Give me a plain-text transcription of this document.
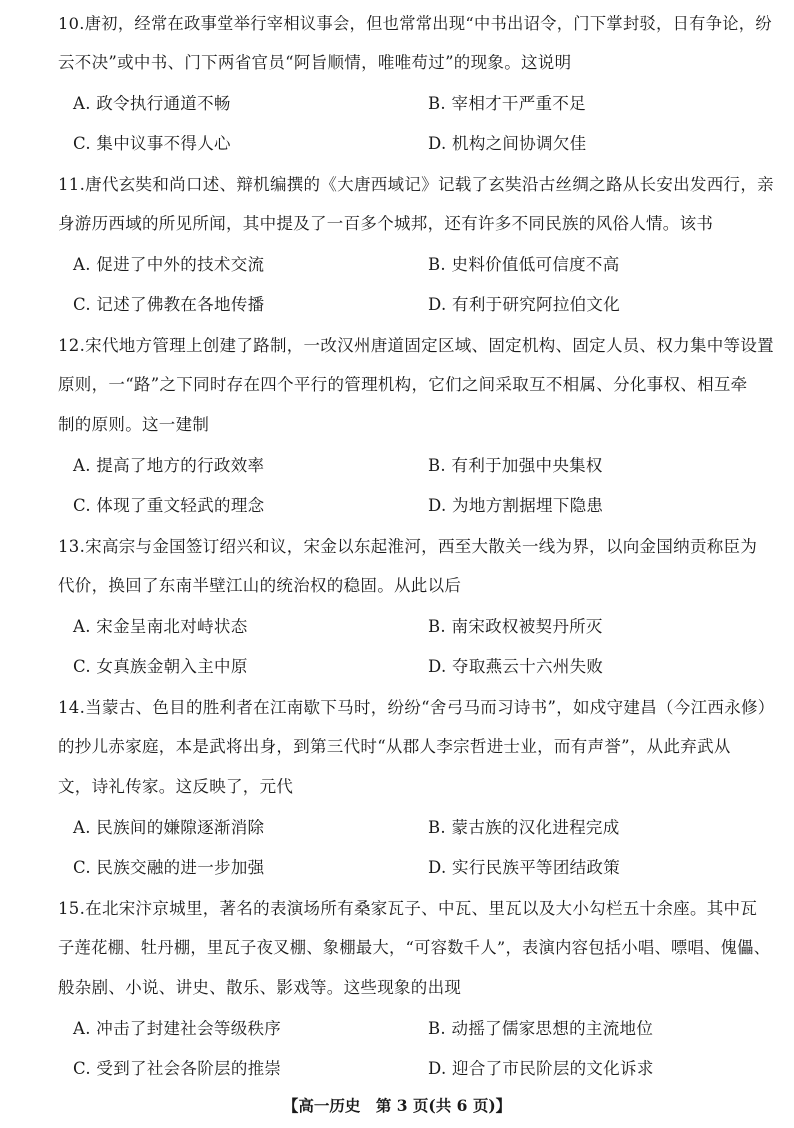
10.唐初，经常在政事堂举行宰相议事会，但也常常出现“中书出诏令，门下掌封驳，日有争论，纷
云不决”或中书、门下两省官员“阿旨顺情，唯唯苟过”的现象。这说明
A. 政令执行通道不畅	B. 宰相才干严重不足
C. 集中议事不得人心	D. 机构之间协调欠佳
11.唐代玄奘和尚口述、辩机编撰的《大唐西域记》记载了玄奘沿古丝绸之路从长安出发西行，亲
身游历西域的所见所闻，其中提及了一百多个城邦，还有许多不同民族的风俗人情。该书
A. 促进了中外的技术交流	B. 史料价值低可信度不高
C. 记述了佛教在各地传播	D. 有利于研究阿拉伯文化
12.宋代地方管理上创建了路制，一改汉州唐道固定区域、固定机构、固定人员、权力集中等设置
原则，一“路”之下同时存在四个平行的管理机构，它们之间采取互不相属、分化事权、相互牵
制的原则。这一建制
A. 提高了地方的行政效率	B. 有利于加强中央集权
C. 体现了重文轻武的理念	D. 为地方割据埋下隐患
13.宋高宗与金国签订绍兴和议，宋金以东起淮河，西至大散关一线为界，以向金国纳贡称臣为
代价，换回了东南半壁江山的统治权的稳固。从此以后
A. 宋金呈南北对峙状态	B. 南宋政权被契丹所灭
C. 女真族金朝入主中原	D. 夺取燕云十六州失败
14.当蒙古、色目的胜利者在江南歇下马时，纷纷“舍弓马而习诗书”，如戍守建昌（今江西永修）
的抄儿赤家庭，本是武将出身，到第三代时“从郡人李宗哲进士业，而有声誉”，从此弃武从
文，诗礼传家。这反映了，元代
A. 民族间的嫌隙逐渐消除	B. 蒙古族的汉化进程完成
C. 民族交融的进一步加强	D. 实行民族平等团结政策
15.在北宋汴京城里，著名的表演场所有桑家瓦子、中瓦、里瓦以及大小勾栏五十余座。其中瓦
子莲花棚、牡丹棚，里瓦子夜叉棚、象棚最大，“可容数千人”，表演内容包括小唱、嘌唱、傀儡、
般杂剧、小说、讲史、散乐、影戏等。这些现象的出现
A. 冲击了封建社会等级秩序	B. 动摇了儒家思想的主流地位
C. 受到了社会各阶层的推崇	D. 迎合了市民阶层的文化诉求
【高一历史　第 3 页(共 6 页)】
